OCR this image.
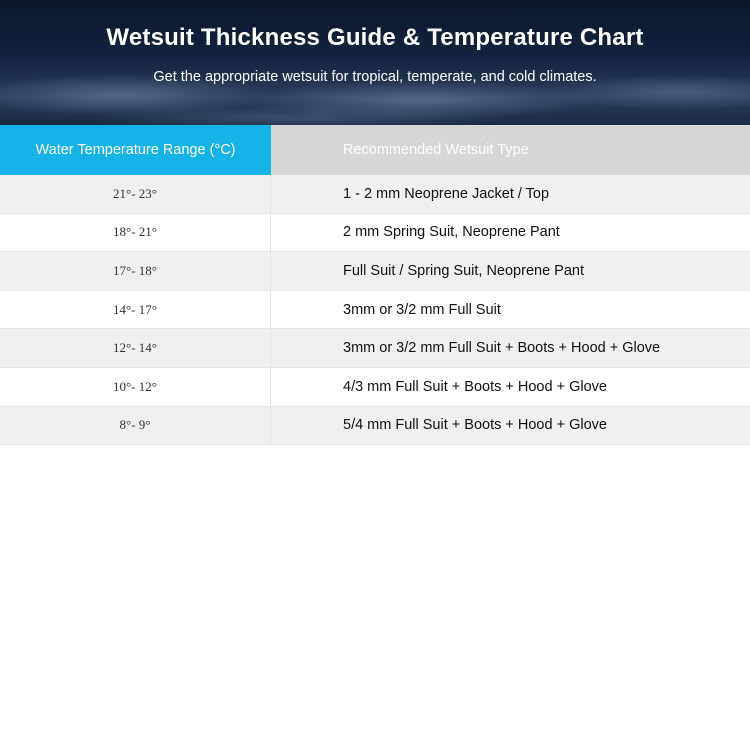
Wetsuit Thickness Guide & Temperature Chart
Get the appropriate wetsuit for tropical, temperate, and cold climates.
Water Temperature Range (°C)	Recommended Wetsuit Type
21°- 23°	1 - 2 mm Neoprene Jacket / Top
18°- 21°	2 mm Spring Suit, Neoprene Pant
17°- 18°	Full Suit / Spring Suit, Neoprene Pant
14°- 17°	3mm or 3/2 mm Full Suit
12°- 14°	3mm or 3/2 mm Full Suit + Boots + Hood + Glove
10°- 12°	4/3 mm Full Suit + Boots + Hood + Glove
8°- 9°	5/4 mm Full Suit + Boots + Hood + Glove
